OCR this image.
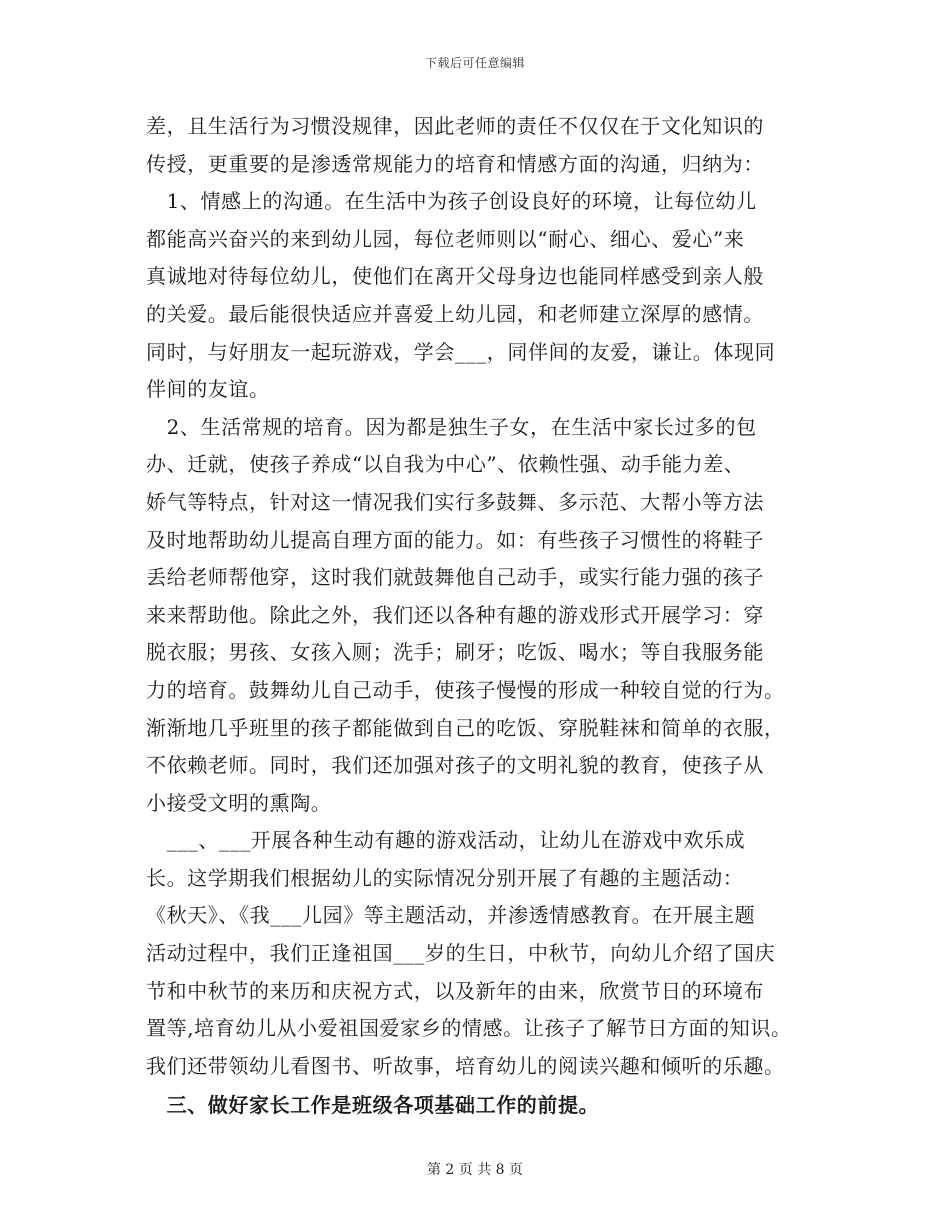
下载后可任意编辑
差，且生活行为习惯没规律，因此老师的责任不仅仅在于文化知识的
传授，更重要的是渗透常规能力的培育和情感方面的沟通，归纳为：
　1、情感上的沟通。在生活中为孩子创设良好的环境，让每位幼儿
都能高兴奋兴的来到幼儿园，每位老师则以“耐心、细心、爱心”来
真诚地对待每位幼儿，使他们在离开父母身边也能同样感受到亲人般
的关爱。最后能很快适应并喜爱上幼儿园，和老师建立深厚的感情。
同时，与好朋友一起玩游戏，学会___，同伴间的友爱，谦让。体现同
伴间的友谊。
　2、生活常规的培育。因为都是独生子女，在生活中家长过多的包
办、迁就，使孩子养成“以自我为中心”、依赖性强、动手能力差、
娇气等特点，针对这一情况我们实行多鼓舞、多示范、大帮小等方法
及时地帮助幼儿提高自理方面的能力。如：有些孩子习惯性的将鞋子
丢给老师帮他穿，这时我们就鼓舞他自己动手，或实行能力强的孩子
来来帮助他。除此之外，我们还以各种有趣的游戏形式开展学习：穿
脱衣服；男孩、女孩入厕；洗手；刷牙；吃饭、喝水；等自我服务能
力的培育。鼓舞幼儿自己动手，使孩子慢慢的形成一种较自觉的行为。
渐渐地几乎班里的孩子都能做到自己的吃饭、穿脱鞋袜和简单的衣服，
不依赖老师。同时，我们还加强对孩子的文明礼貌的教育，使孩子从
小接受文明的熏陶。
　___、___开展各种生动有趣的游戏活动，让幼儿在游戏中欢乐成
长。这学期我们根据幼儿的实际情况分别开展了有趣的主题活动：
《秋天》、《我___儿园》等主题活动，并渗透情感教育。在开展主题
活动过程中，我们正逢祖国___岁的生日，中秋节，向幼儿介绍了国庆
节和中秋节的来历和庆祝方式，以及新年的由来，欣赏节日的环境布
置等,培育幼儿从小爱祖国爱家乡的情感。让孩子了解节日方面的知识。
我们还带领幼儿看图书、听故事，培育幼儿的阅读兴趣和倾听的乐趣。
　三、做好家长工作是班级各项基础工作的前提。
第 2 页 共 8 页
